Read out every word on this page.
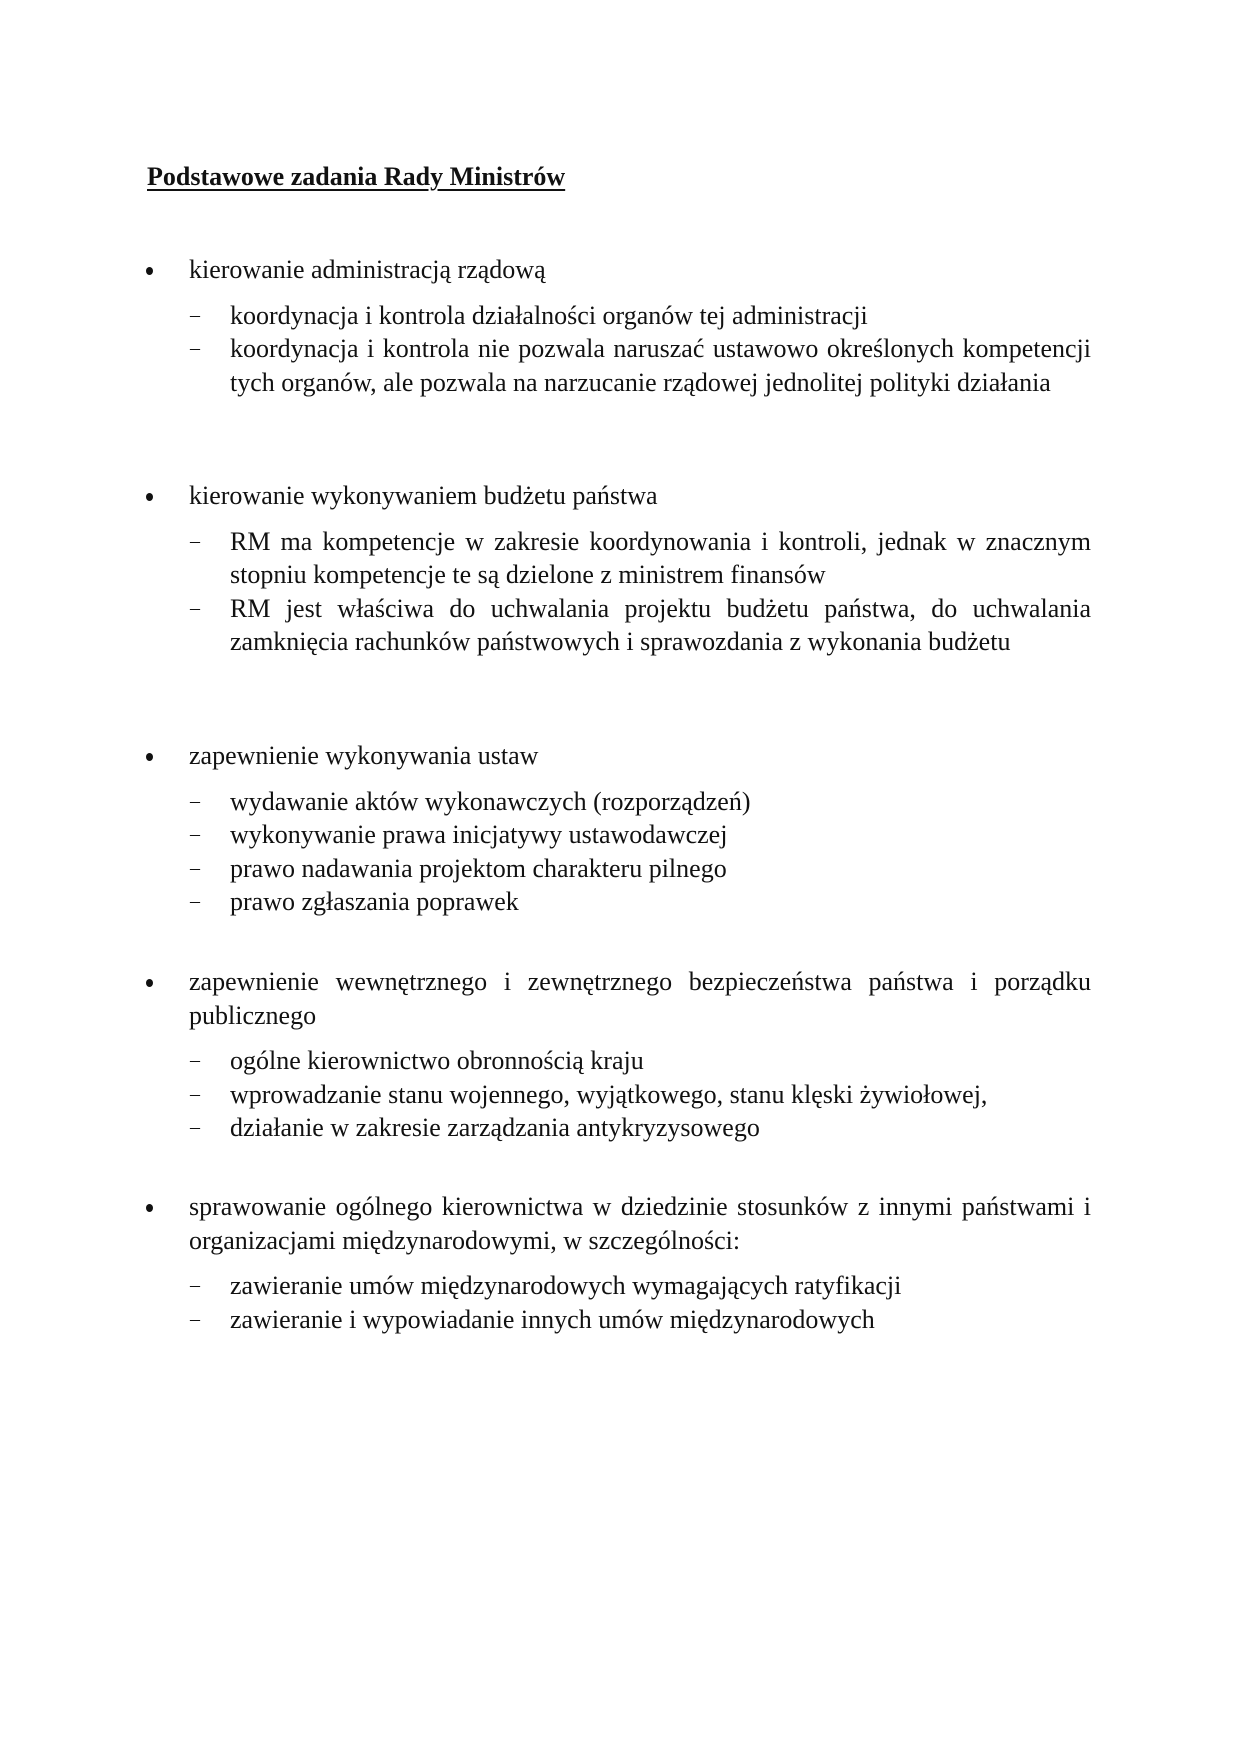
Podstawowe zadania Rady Ministrów
kierowanie administracją rządową
– koordynacja i kontrola działalności organów tej administracji
– koordynacja i kontrola nie pozwala naruszać ustawowo określonych kompetencji tych organów, ale pozwala na narzucanie rządowej jednolitej polityki działania
kierowanie wykonywaniem budżetu państwa
– RM ma kompetencje w zakresie koordynowania i kontroli, jednak w znacznym stopniu kompetencje te są dzielone z ministrem finansów
– RM jest właściwa do uchwalania projektu budżetu państwa, do uchwalania zamknięcia rachunków państwowych i sprawozdania z wykonania budżetu
zapewnienie wykonywania ustaw
– wydawanie aktów wykonawczych (rozporządzeń)
– wykonywanie prawa inicjatywy ustawodawczej
– prawo nadawania projektom charakteru pilnego
– prawo zgłaszania poprawek
zapewnienie wewnętrznego i zewnętrznego bezpieczeństwa państwa i porządku publicznego
– ogólne kierownictwo obronnością kraju
– wprowadzanie stanu wojennego, wyjątkowego, stanu klęski żywiołowej,
– działanie w zakresie zarządzania antykryzysowego
sprawowanie ogólnego kierownictwa w dziedzinie stosunków z innymi państwami i organizacjami międzynarodowymi, w szczególności:
– zawieranie umów międzynarodowych wymagających ratyfikacji
– zawieranie i wypowiadanie innych umów międzynarodowych
